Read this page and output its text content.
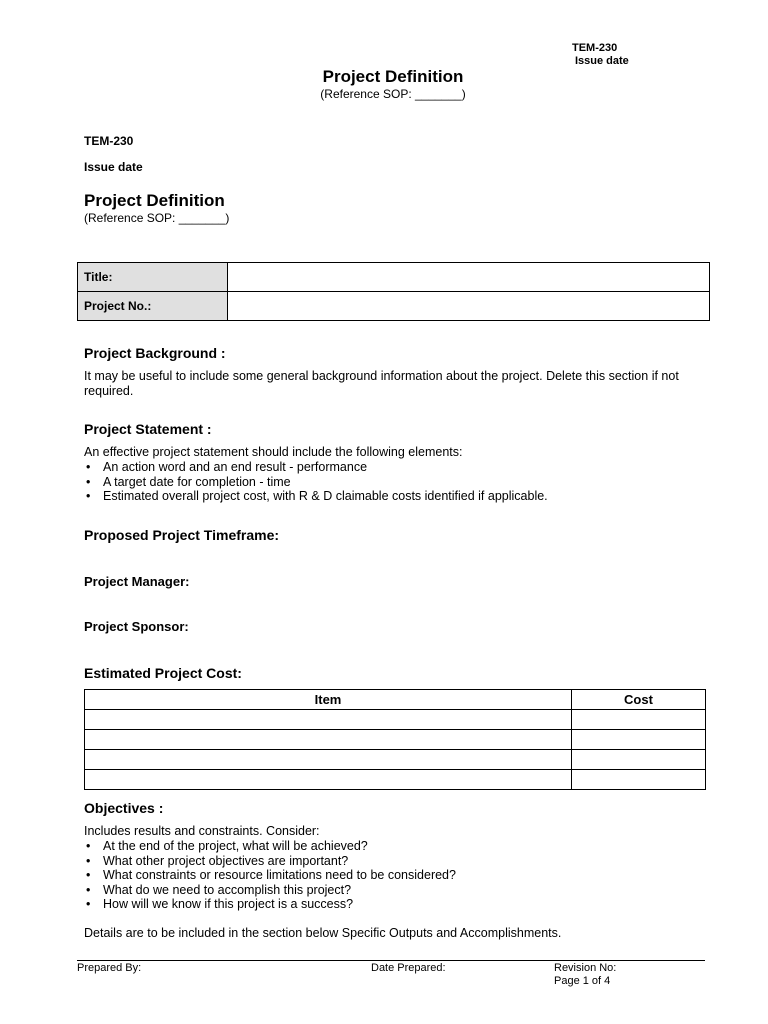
TEM-230
Issue date
Project Definition
(Reference SOP: _______)
TEM-230
Issue date
Project Definition
(Reference SOP: _______)
Title:	
Project No.:	
Project Background :
It may be useful to include some general background information about the project. Delete this section if not required.
Project Statement :
An effective project statement should include the following elements:
• An action word and an end result - performance
• A target date for completion - time
• Estimated overall project cost, with R & D claimable costs identified if applicable.
Proposed Project Timeframe:
Project Manager:
Project Sponsor:
Estimated Project Cost:
Item	Cost

Objectives :
Includes results and constraints. Consider:
• At the end of the project, what will be achieved?
• What other project objectives are important?
• What constraints or resource limitations need to be considered?
• What do we need to accomplish this project?
• How will we know if this project is a success?
Details are to be included in the section below Specific Outputs and Accomplishments.
Prepared By:	Date Prepared:	Revision No:
Page 1 of 4
